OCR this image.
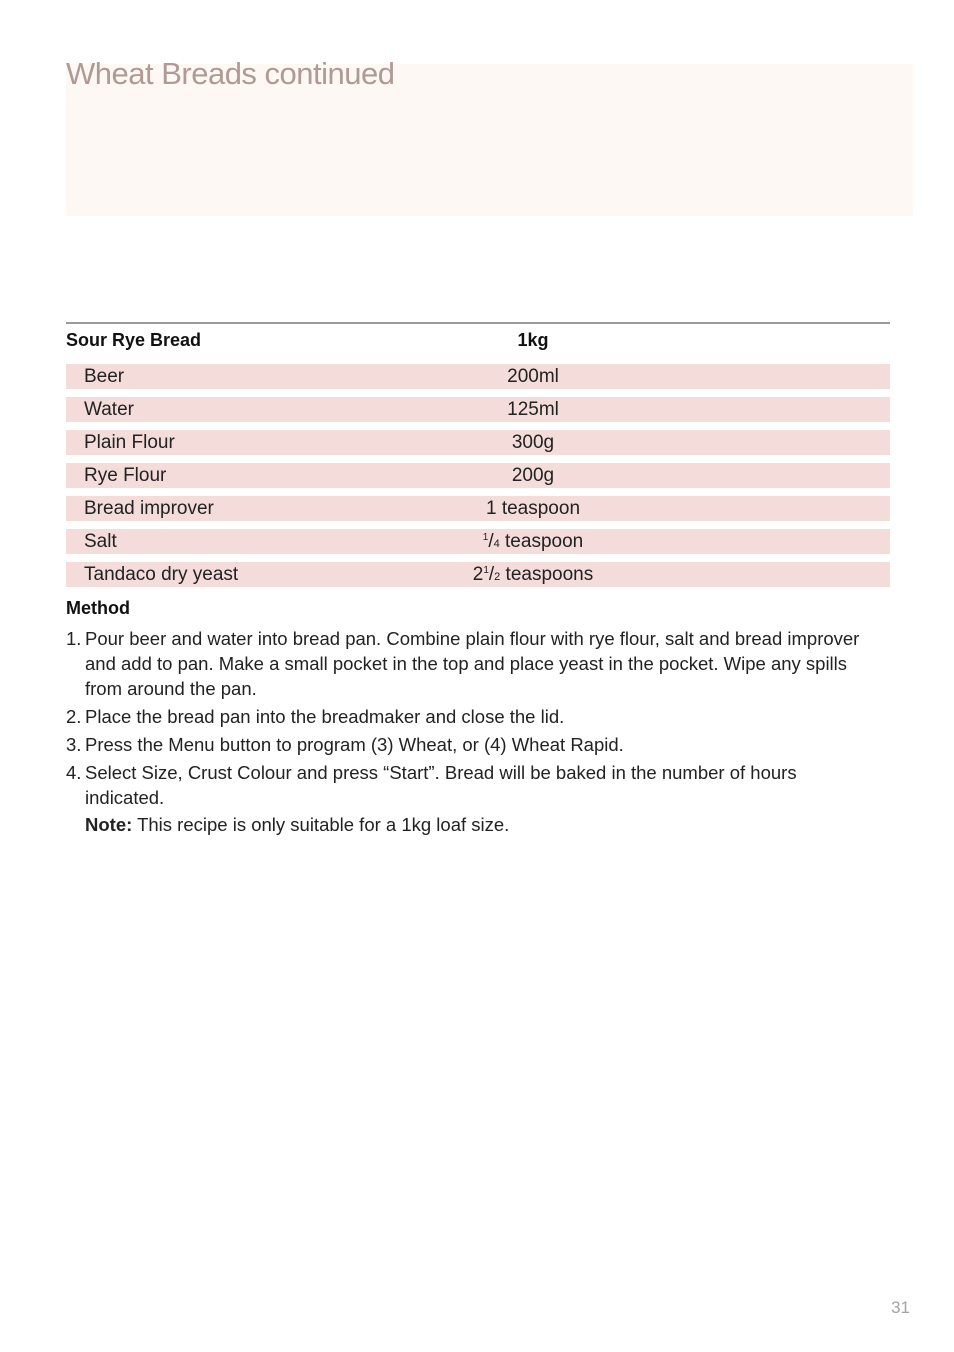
Wheat Breads continued
Sour Rye Bread	1kg
Beer	200ml
Water	125ml
Plain Flour	300g
Rye Flour	200g
Bread improver	1 teaspoon
Salt	$^1$/4 teaspoon
Tandaco dry yeast	$2^1/2$ teaspoons
Method
1. Pour beer and water into bread pan. Combine plain flour with rye flour, salt and bread improver and add to pan. Make a small pocket in the top and place yeast in the pocket. Wipe any spills from around the pan.
2. Place the bread pan into the breadmaker and close the lid.
3. Press the Menu button to program (3) Wheat, or (4) Wheat Rapid.
4. Select Size, Crust Colour and press “Start”. Bread will be baked in the number of hours indicated.

Note: This recipe is only suitable for a 1kg loaf size.

31
